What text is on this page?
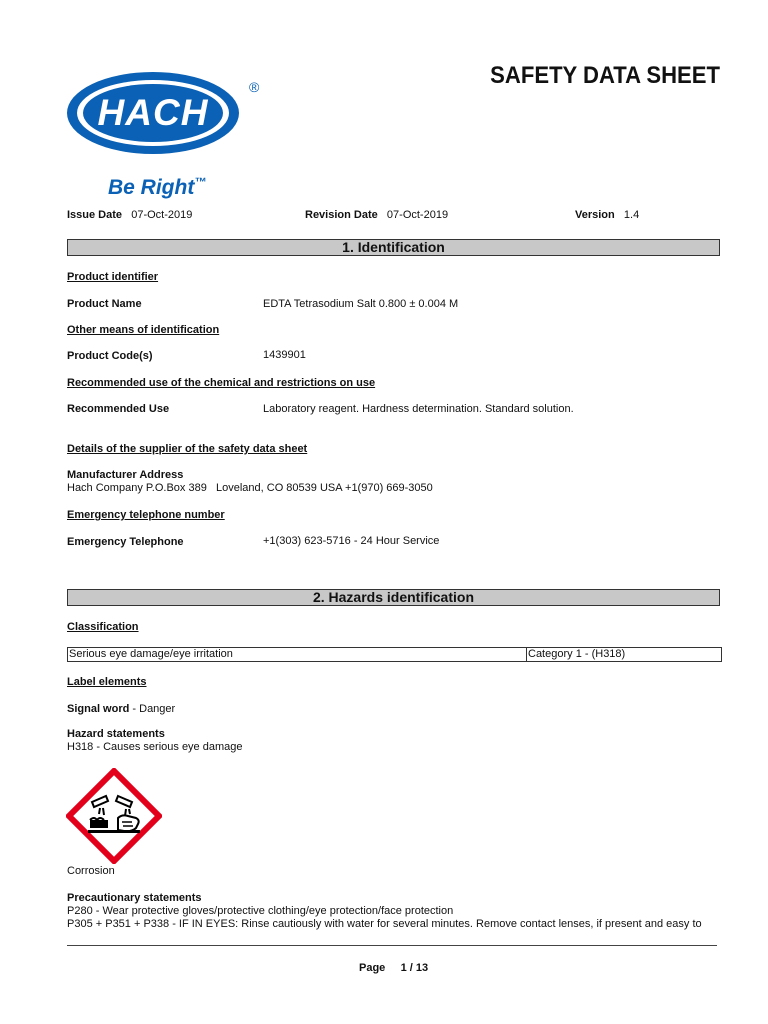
HACH
®
Be Right™
SAFETY DATA SHEET
Issue Date 07-Oct-2019	Revision Date 07-Oct-2019	Version 1.4
1. Identification
Product identifier
Product Name	EDTA Tetrasodium Salt 0.800 ± 0.004 M
Other means of identification
Product Code(s)	1439901
Recommended use of the chemical and restrictions on use
Recommended Use	Laboratory reagent. Hardness determination. Standard solution.
Details of the supplier of the safety data sheet
Manufacturer Address
Hach Company P.O.Box 389   Loveland, CO 80539 USA +1(970) 669-3050
Emergency telephone number
Emergency Telephone	+1(303) 623-5716 - 24 Hour Service
2. Hazards identification
Classification
Serious eye damage/eye irritation	Category 1 - (H318)
Label elements
Signal word - Danger
Hazard statements
H318 - Causes serious eye damage
Corrosion
Precautionary statements
P280 - Wear protective gloves/protective clothing/eye protection/face protection
P305 + P351 + P338 - IF IN EYES: Rinse cautiously with water for several minutes. Remove contact lenses, if present and easy to
Page 1 / 13
